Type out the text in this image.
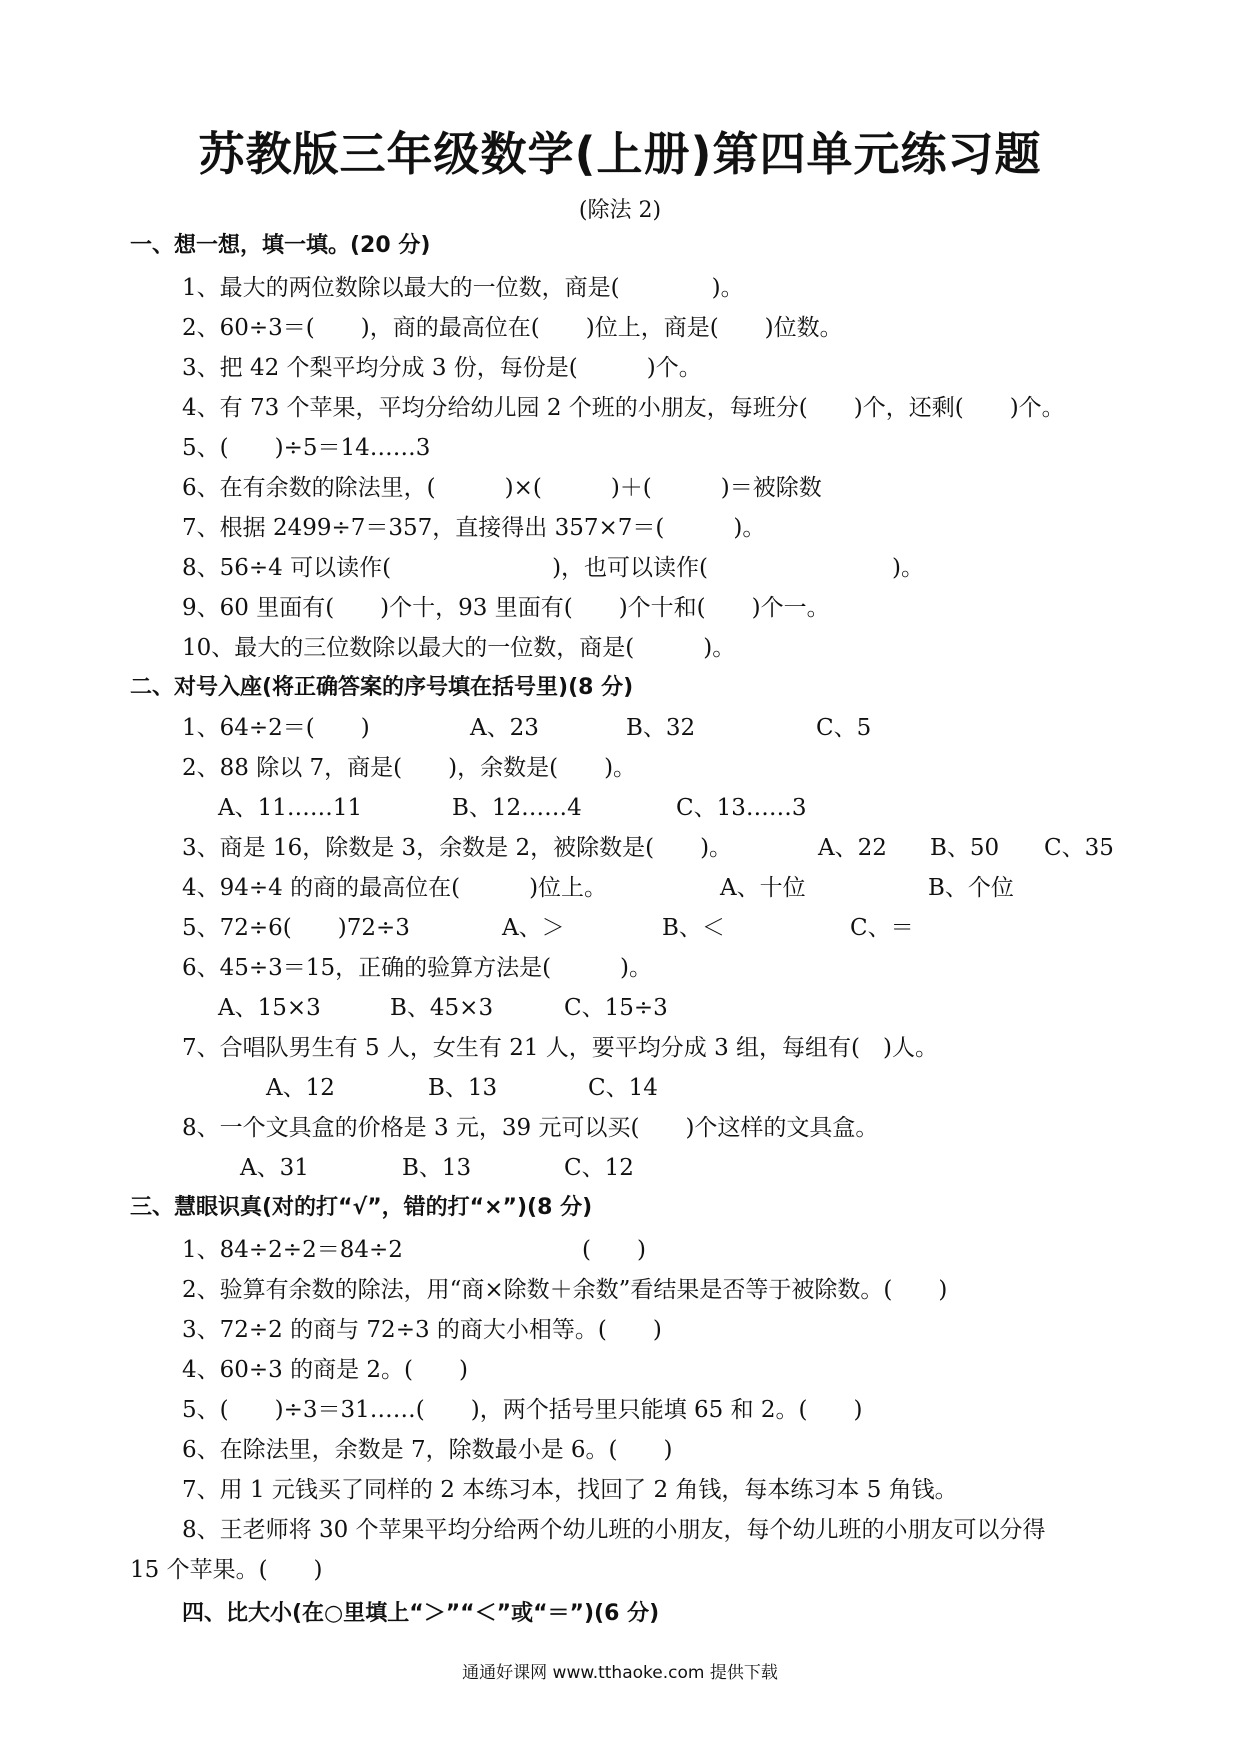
苏教版三年级数学(上册)第四单元练习题
(除法 2)
一、想一想，填一填。(20 分)
1、最大的两位数除以最大的一位数，商是(　　　　)。
2、60÷3＝(　　)，商的最高位在(　　)位上，商是(　　)位数。
3、把 42 个梨平均分成 3 份，每份是(　　　)个。
4、有 73 个苹果，平均分给幼儿园 2 个班的小朋友，每班分(　　)个，还剩(　　)个。
5、(　　)÷5＝14……3
6、在有余数的除法里，(　　　)×(　　　)＋(　　　)＝被除数
7、根据 2499÷7＝357，直接得出 357×7＝(　　　)。
8、56÷4 可以读作(　　　　　　　)，也可以读作(　　　　　　　　)。
9、60 里面有(　　)个十，93 里面有(　　)个十和(　　)个一。
10、最大的三位数除以最大的一位数，商是(　　　)。
二、对号入座(将正确答案的序号填在括号里)(8 分)
1、64÷2＝(　　)	A、23	B、32	C、5
2、88 除以 7，商是(　　)，余数是(　　)。
A、11……11	B、12……4	C、13……3
3、商是 16，除数是 3，余数是 2，被除数是(　　)。	A、22 B、50 C、35
4、94÷4 的商的最高位在(　　　)位上。	A、十位	B、个位
5、72÷6(　　)72÷3	A、＞	B、＜	C、＝
6、45÷3＝15，正确的验算方法是(　　　)。
A、15×3	B、45×3	C、15÷3
7、合唱队男生有 5 人，女生有 21 人，要平均分成 3 组，每组有(　)人。
A、12	B、13	C、14
8、一个文具盒的价格是 3 元，39 元可以买(　　)个这样的文具盒。
A、31	B、13	C、12
三、慧眼识真(对的打“√”，错的打“×”)(8 分)
1、84÷2÷2＝84÷2	(　　)
2、验算有余数的除法，用“商×除数＋余数”看结果是否等于被除数。(　　)
3、72÷2 的商与 72÷3 的商大小相等。(　　)
4、60÷3 的商是 2。(　　)
5、(　　)÷3＝31……(　　)，两个括号里只能填 65 和 2。(　　)
6、在除法里，余数是 7，除数最小是 6。(　　)
7、用 1 元钱买了同样的 2 本练习本，找回了 2 角钱，每本练习本 5 角钱。
8、王老师将 30 个苹果平均分给两个幼儿班的小朋友，每个幼儿班的小朋友可以分得
15 个苹果。(　　)
四、比大小(在○里填上“＞”“＜”或“＝”)(6 分)
通通好课网 www.tthaoke.com 提供下载
